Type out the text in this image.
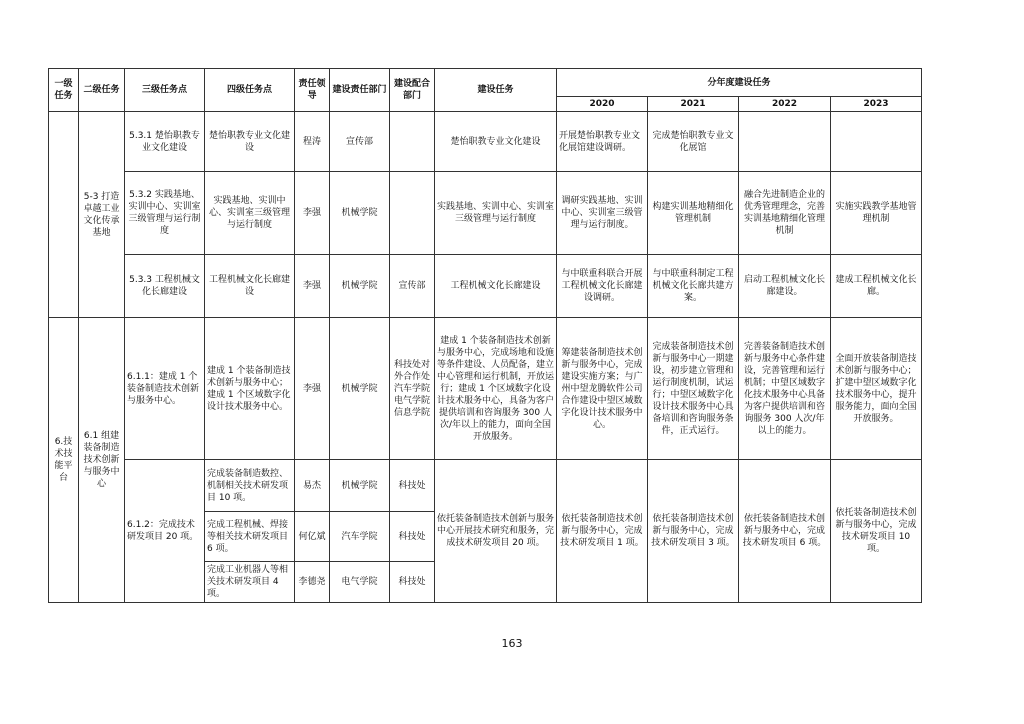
一级任务	二级任务	三级任务点	四级任务点	责任领导	建设责任部门	建设配合部门	建设任务	分年度建设任务			
								2020	2021	2022	2023
	5-3 打造卓越工业文化传承基地	5.3.1 楚怡职教专业文化建设	楚怡职教专业文化建设	程涛	宣传部		楚怡职教专业文化建设	开展楚怡职教专业文化展馆建设调研。	完成楚怡职教专业文化展馆		
		5.3.2 实践基地、实训中心、实训室三级管理与运行制度	实践基地、实训中心、实训室三级管理与运行制度	李强	机械学院		实践基地、实训中心、实训室三级管理与运行制度	调研实践基地、实训中心、实训室三级管理与运行制度。	构建实训基地精细化管理机制	融合先进制造企业的优秀管理理念，完善实训基地精细化管理机制	实施实践教学基地管理机制
		5.3.3 工程机械文化长廊建设	工程机械文化长廊建设	李强	机械学院	宣传部	工程机械文化长廊建设	与中联重科联合开展工程机械文化长廊建设调研。	与中联重科制定工程机械文化长廊共建方案。	启动工程机械文化长廊建设。	建成工程机械文化长廊。
6.技术技能平台	6.1 组建装备制造技术创新与服务中心	6.1.1：建成 1 个装备制造技术创新与服务中心。	建成 1 个装备制造技术创新与服务中心；建成 1 个区域数字化设计技术服务中心。	李强	机械学院	科技处对外合作处汽车学院电气学院信息学院	建成 1 个装备制造技术创新与服务中心，完成场地和设施等条件建设、人员配备，建立中心管理和运行机制，开放运行；建成 1 个区域数字化设计技术服务中心，具备为客户提供培训和咨询服务 300 人次/年以上的能力，面向全国开放服务。	筹建装备制造技术创新与服务中心，完成建设实施方案；与广州中望龙腾软件公司合作建设中望区域数字化设计技术服务中心。	完成装备制造技术创新与服务中心一期建设，初步建立管理和运行制度机制，试运行；中望区域数字化设计技术服务中心具备培训和咨询服务条件，正式运行。	完善装备制造技术创新与服务中心条件建设，完善管理和运行机制；中望区域数字化技术服务中心具备为客户提供培训和咨询服务 300 人次/年以上的能力。	全面开放装备制造技术创新与服务中心；扩建中望区域数字化技术服务中心，提升服务能力，面向全国开放服务。
		6.1.2：完成技术研发项目 20 项。	完成装备制造数控、机制相关技术研发项目 10 项。	易杰	机械学院	科技处	依托装备制造技术创新与服务中心开展技术研究和服务，完成技术研发项目 20 项。	依托装备制造技术创新与服务中心，完成技术研发项目 1 项。	依托装备制造技术创新与服务中心，完成技术研发项目 3 项。	依托装备制造技术创新与服务中心，完成技术研发项目 6 项。	依托装备制造技术创新与服务中心，完成技术研发项目 10 项。
			完成工程机械、焊接等相关技术研发项目 6 项。	何亿斌	汽车学院	科技处					
			完成工业机器人等相关技术研发项目 4 项。	李德尧	电气学院	科技处					
163
